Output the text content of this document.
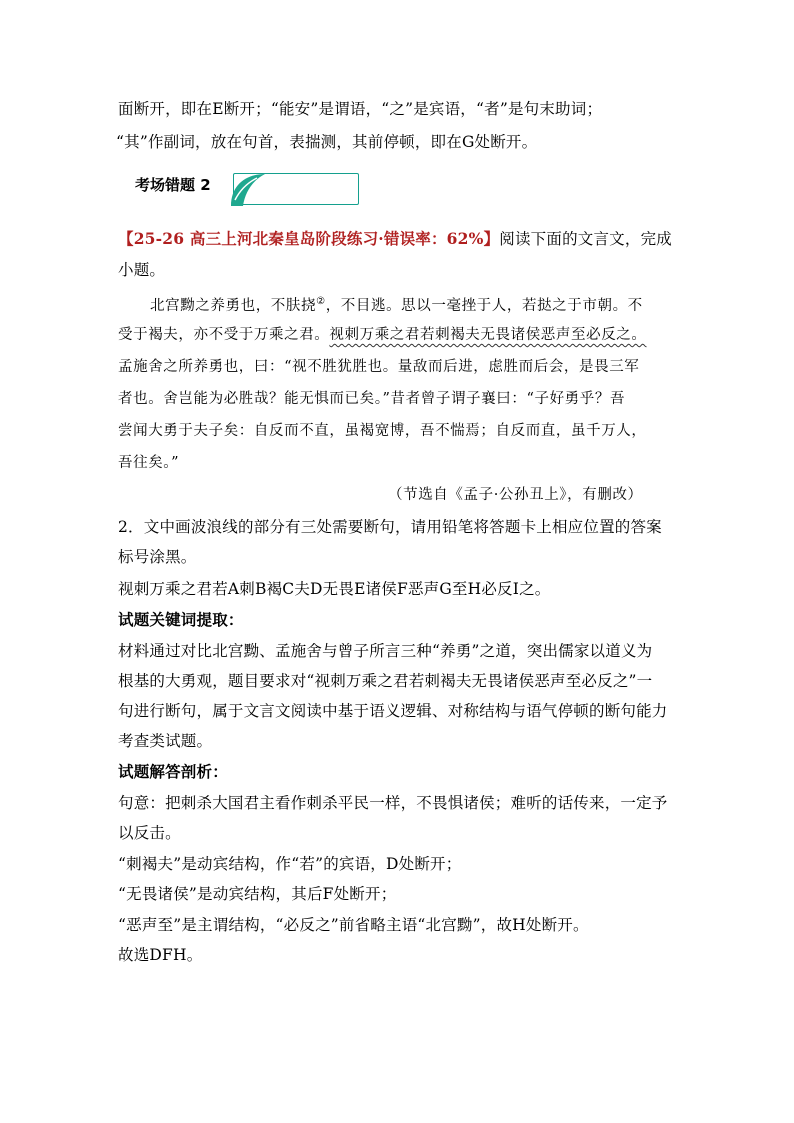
面断开，即在E断开；“能安”是谓语，“之”是宾语，“者”是句末助词；
“其”作副词，放在句首，表揣测，其前停顿，即在G处断开。
考场错题 2
【25-26 高三上河北秦皇岛阶段练习·错误率：62%】阅读下面的文言文，完成
小题。
北宫黝之养勇也，不肤挠②，不目逃。思以一毫挫于人，若挞之于市朝。不
受于褐夫，亦不受于万乘之君。视刺万乘之君若刺褐夫无畏诸侯恶声至必反之。
孟施舍之所养勇也，曰：“视不胜犹胜也。量敌而后进，虑胜而后会，是畏三军
者也。舍岂能为必胜哉？能无惧而已矣。”昔者曾子谓子襄曰：“子好勇乎？吾
尝闻大勇于夫子矣：自反而不直，虽褐宽博，吾不惴焉；自反而直，虽千万人，
吾往矣。”
（节选自《孟子·公孙丑上》，有删改）
2．文中画波浪线的部分有三处需要断句，请用铅笔将答题卡上相应位置的答案
标号涂黑。
视刺万乘之君若A刺B褐C夫D无畏E诸侯F恶声G至H必反Ⅰ之。
试题关键词提取：
材料通过对比北宫黝、孟施舍与曾子所言三种“养勇”之道，突出儒家以道义为
根基的大勇观，题目要求对“视刺万乘之君若刺褐夫无畏诸侯恶声至必反之”一
句进行断句，属于文言文阅读中基于语义逻辑、对称结构与语气停顿的断句能力
考查类试题。
试题解答剖析：
句意：把刺杀大国君主看作刺杀平民一样，不畏惧诸侯；难听的话传来，一定予
以反击。
“刺褐夫”是动宾结构，作“若”的宾语，D处断开；
“无畏诸侯”是动宾结构，其后F处断开；
“恶声至”是主谓结构，“必反之”前省略主语“北宫黝”，故H处断开。
故选DFH。
